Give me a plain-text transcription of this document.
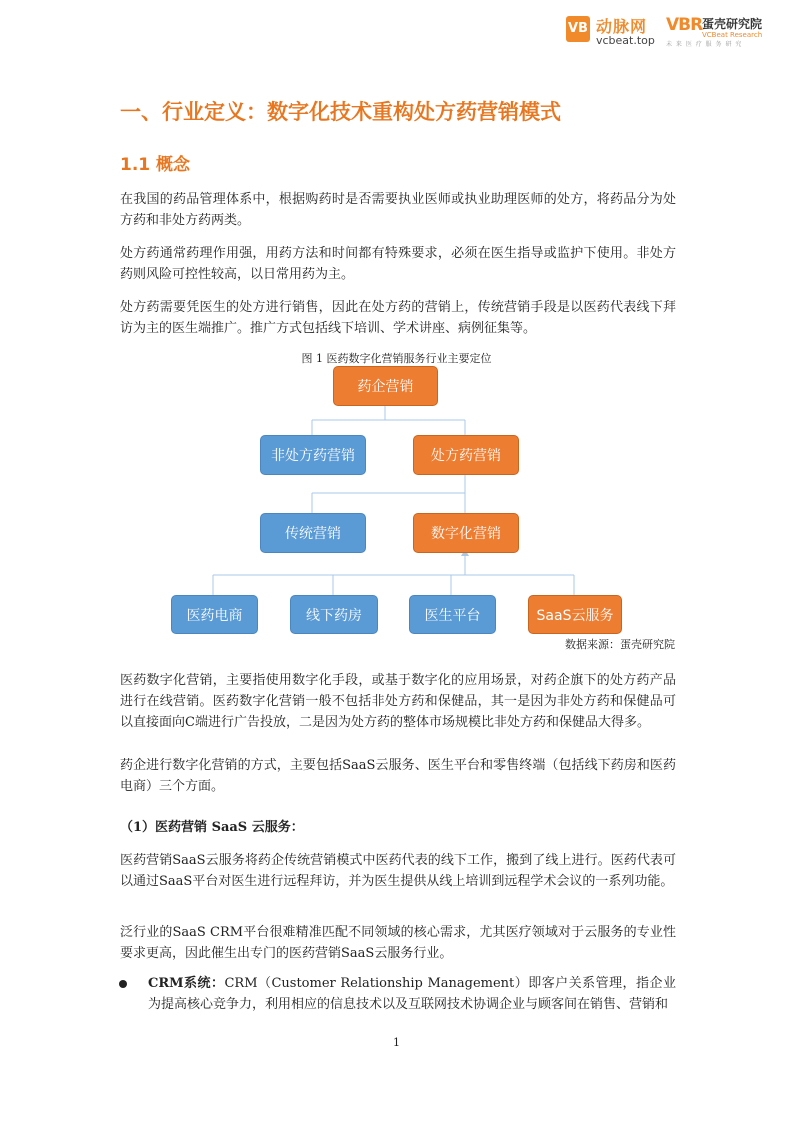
VB 动脉网
vcbeat.top
VBR 蛋壳研究院
VCBeat Research
未 来 医 疗 服 务 研 究
一、行业定义：数字化技术重构处方药营销模式
1.1 概念

在我国的药品管理体系中，根据购药时是否需要执业医师或执业助理医师的处方，将药品分为处方药和非处方药两类。

处方药通常药理作用强，用药方法和时间都有特殊要求，必须在医生指导或监护下使用。非处方药则风险可控性较高，以日常用药为主。

处方药需要凭医生的处方进行销售，因此在处方药的营销上，传统营销手段是以医药代表线下拜访为主的医生端推广。推广方式包括线下培训、学术讲座、病例征集等。

图 1 医药数字化营销服务行业主要定位
药企营销
非处方药营销	处方药营销
传统营销	数字化营销
医药电商	线下药房	医生平台	SaaS云服务
数据来源：蛋壳研究院

医药数字化营销，主要指使用数字化手段，或基于数字化的应用场景，对药企旗下的处方药产品进行在线营销。医药数字化营销一般不包括非处方药和保健品，其一是因为非处方药和保健品可以直接面向C端进行广告投放，二是因为处方药的整体市场规模比非处方药和保健品大得多。

药企进行数字化营销的方式，主要包括SaaS云服务、医生平台和零售终端（包括线下药房和医药电商）三个方面。

（1）医药营销 SaaS 云服务：

医药营销SaaS云服务将药企传统营销模式中医药代表的线下工作，搬到了线上进行。医药代表可以通过SaaS平台对医生进行远程拜访，并为医生提供从线上培训到远程学术会议的一系列功能。

泛行业的SaaS CRM平台很难精准匹配不同领域的核心需求，尤其医疗领域对于云服务的专业性要求更高，因此催生出专门的医药营销SaaS云服务行业。

CRM系统：CRM（Customer Relationship Management）即客户关系管理，指企业为提高核心竞争力，利用相应的信息技术以及互联网技术协调企业与顾客间在销售、营销和

1
